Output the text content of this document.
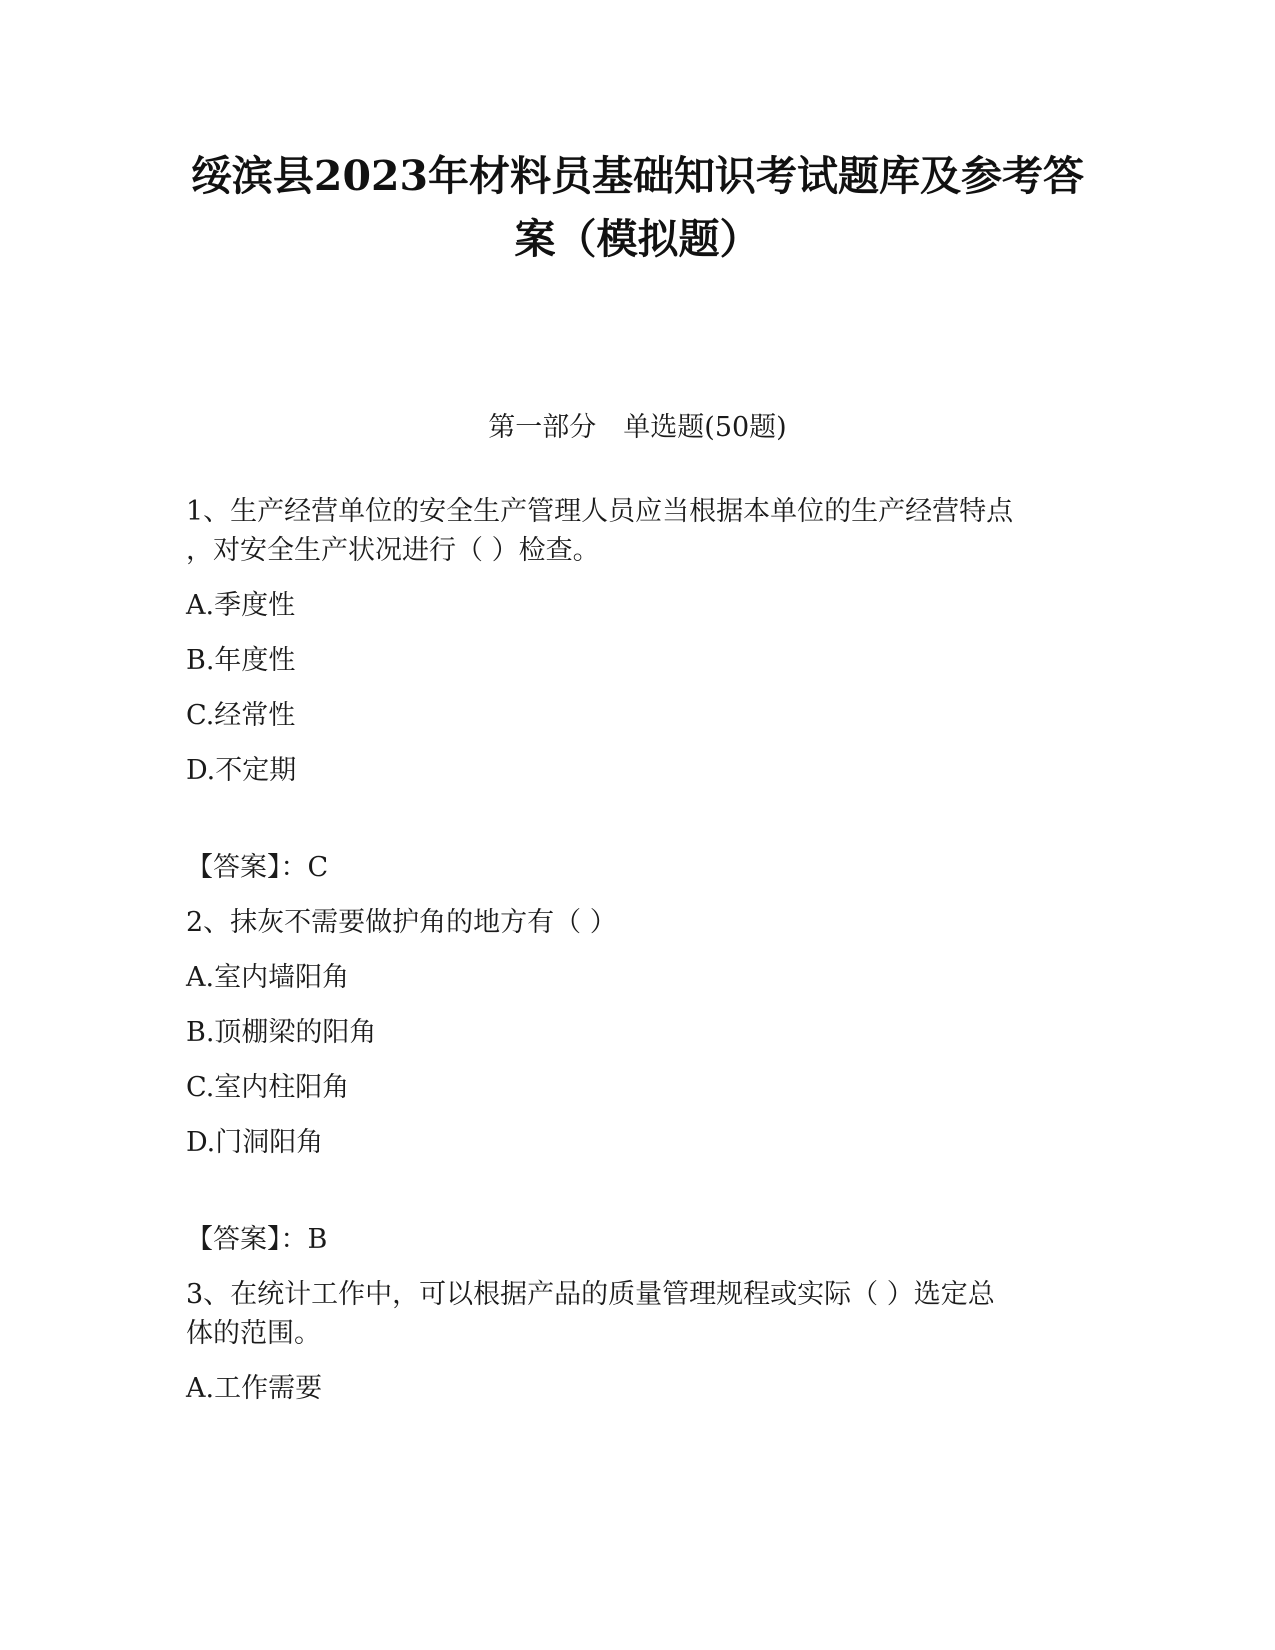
绥滨县2023年材料员基础知识考试题库及参考答
案（模拟题）
第一部分　单选题(50题)
1、生产经营单位的安全生产管理人员应当根据本单位的生产经营特点
，对安全生产状况进行（ ）检查。
A.季度性
B.年度性
C.经常性
D.不定期
【答案】：C
2、抹灰不需要做护角的地方有（ ）
A.室内墙阳角
B.顶棚梁的阳角
C.室内柱阳角
D.门洞阳角
【答案】：B
3、在统计工作中，可以根据产品的质量管理规程或实际（ ）选定总
体的范围。
A.工作需要
